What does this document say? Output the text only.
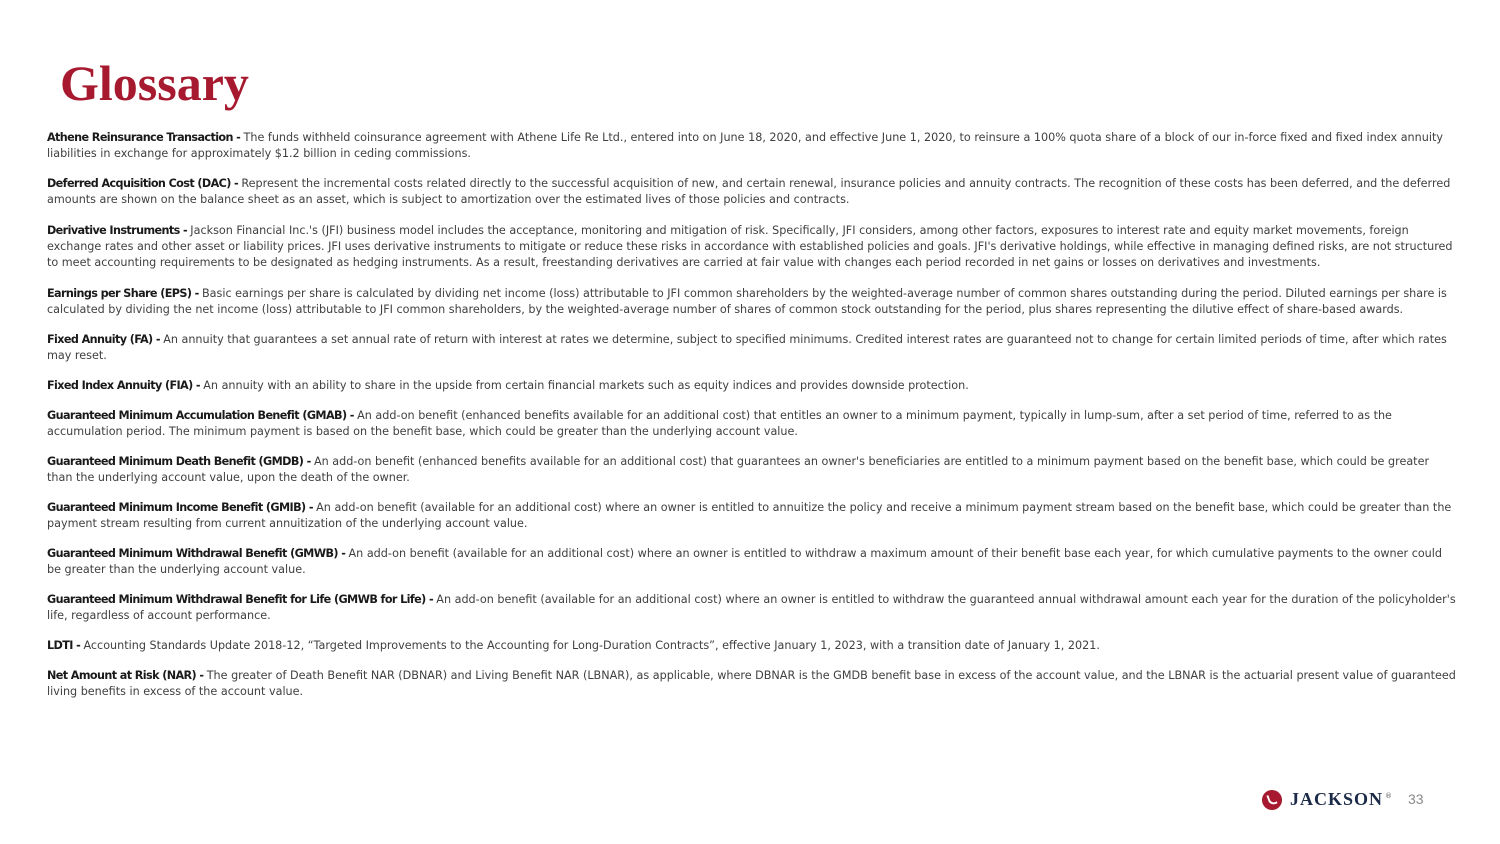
Glossary

Athene Reinsurance Transaction - The funds withheld coinsurance agreement with Athene Life Re Ltd., entered into on June 18, 2020, and effective June 1, 2020, to reinsure a 100% quota share of a block of our in-force fixed and fixed index annuity liabilities in exchange for approximately $1.2 billion in ceding commissions.

Deferred Acquisition Cost (DAC) - Represent the incremental costs related directly to the successful acquisition of new, and certain renewal, insurance policies and annuity contracts. The recognition of these costs has been deferred, and the deferred amounts are shown on the balance sheet as an asset, which is subject to amortization over the estimated lives of those policies and contracts.

Derivative Instruments - Jackson Financial Inc.'s (JFI) business model includes the acceptance, monitoring and mitigation of risk. Specifically, JFI considers, among other factors, exposures to interest rate and equity market movements, foreign exchange rates and other asset or liability prices. JFI uses derivative instruments to mitigate or reduce these risks in accordance with established policies and goals. JFI's derivative holdings, while effective in managing defined risks, are not structured to meet accounting requirements to be designated as hedging instruments. As a result, freestanding derivatives are carried at fair value with changes each period recorded in net gains or losses on derivatives and investments.

Earnings per Share (EPS) - Basic earnings per share is calculated by dividing net income (loss) attributable to JFI common shareholders by the weighted-average number of common shares outstanding during the period. Diluted earnings per share is calculated by dividing the net income (loss) attributable to JFI common shareholders, by the weighted-average number of shares of common stock outstanding for the period, plus shares representing the dilutive effect of share-based awards.

Fixed Annuity (FA) - An annuity that guarantees a set annual rate of return with interest at rates we determine, subject to specified minimums. Credited interest rates are guaranteed not to change for certain limited periods of time, after which rates may reset.

Fixed Index Annuity (FIA) - An annuity with an ability to share in the upside from certain financial markets such as equity indices and provides downside protection.

Guaranteed Minimum Accumulation Benefit (GMAB) - An add-on benefit (enhanced benefits available for an additional cost) that entitles an owner to a minimum payment, typically in lump-sum, after a set period of time, referred to as the accumulation period. The minimum payment is based on the benefit base, which could be greater than the underlying account value.

Guaranteed Minimum Death Benefit (GMDB) - An add-on benefit (enhanced benefits available for an additional cost) that guarantees an owner's beneficiaries are entitled to a minimum payment based on the benefit base, which could be greater than the underlying account value, upon the death of the owner.

Guaranteed Minimum Income Benefit (GMIB) - An add-on benefit (available for an additional cost) where an owner is entitled to annuitize the policy and receive a minimum payment stream based on the benefit base, which could be greater than the payment stream resulting from current annuitization of the underlying account value.

Guaranteed Minimum Withdrawal Benefit (GMWB) - An add-on benefit (available for an additional cost) where an owner is entitled to withdraw a maximum amount of their benefit base each year, for which cumulative payments to the owner could be greater than the underlying account value.

Guaranteed Minimum Withdrawal Benefit for Life (GMWB for Life) - An add-on benefit (available for an additional cost) where an owner is entitled to withdraw the guaranteed annual withdrawal amount each year for the duration of the policyholder's life, regardless of account performance.

LDTI - Accounting Standards Update 2018-12, “Targeted Improvements to the Accounting for Long-Duration Contracts”, effective January 1, 2023, with a transition date of January 1, 2021.

Net Amount at Risk (NAR) - The greater of Death Benefit NAR (DBNAR) and Living Benefit NAR (LBNAR), as applicable, where DBNAR is the GMDB benefit base in excess of the account value, and the LBNAR is the actuarial present value of guaranteed living benefits in excess of the account value.

JACKSON ® 33
